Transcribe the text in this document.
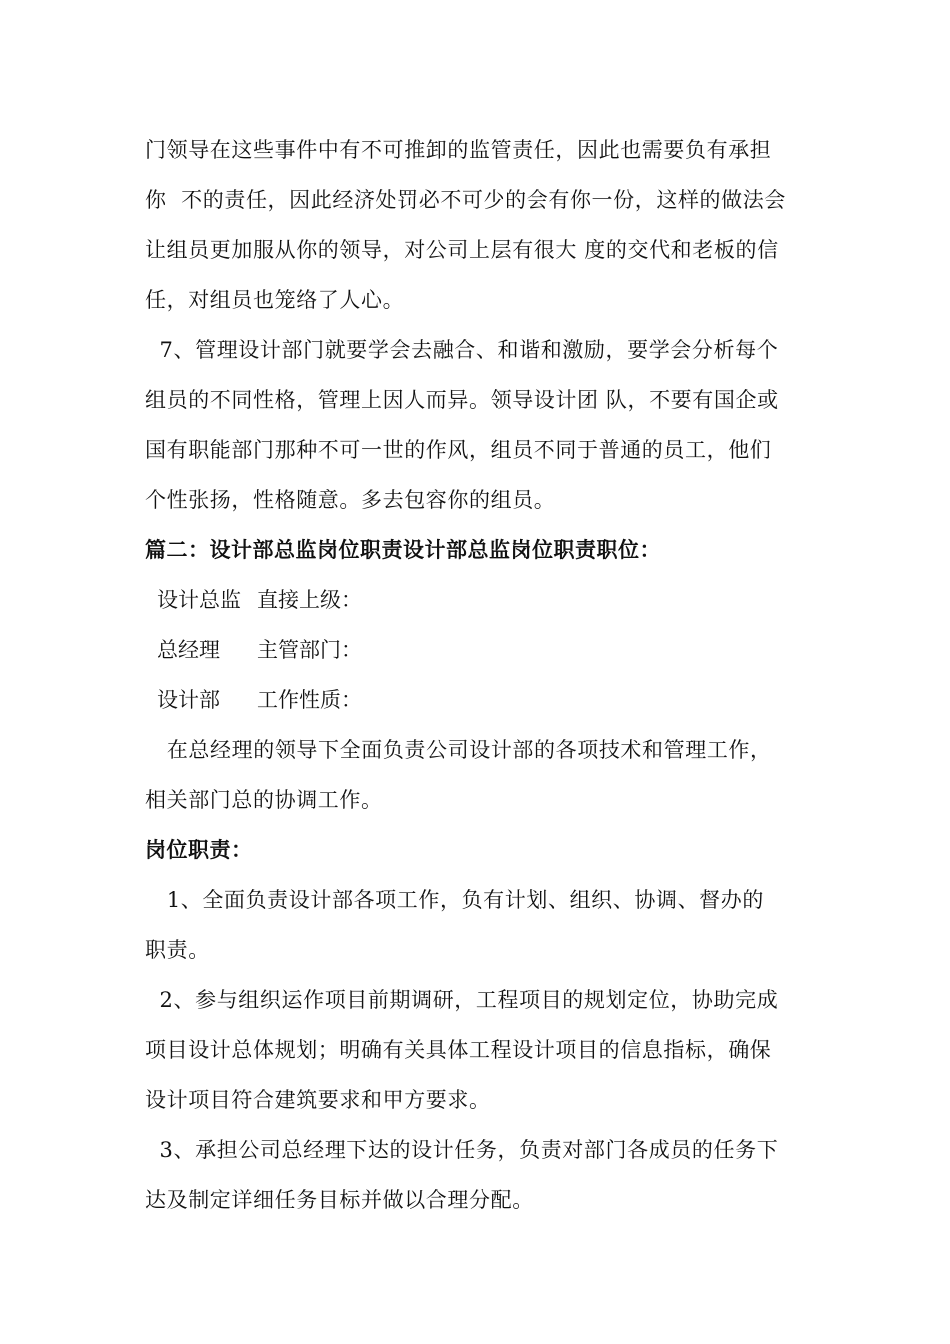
门领导在这些事件中有不可推卸的监管责任，因此也需要负有承担

你  不的责任，因此经济处罚必不可少的会有你一份，这样的做法会

让组员更加服从你的领导，对公司上层有很大 度的交代和老板的信

任，对组员也笼络了人心。

7、管理设计部门就要学会去融合、和谐和激励，要学会分析每个

组员的不同性格，管理上因人而异。领导设计团 队，不要有国企或

国有职能部门那种不可一世的作风，组员不同于普通的员工，他们

个性张扬，性格随意。多去包容你的组员。

篇二：设计部总监岗位职责设计部总监岗位职责职位：

设计总监 直接上级：

总经理 主管部门：

设计部 工作性质：

在总经理的领导下全面负责公司设计部的各项技术和管理工作，

相关部门总的协调工作。

岗位职责：

1、全面负责设计部各项工作，负有计划、组织、协调、督办的

职责。

2、参与组织运作项目前期调研，工程项目的规划定位，协助完成

项目设计总体规划；明确有关具体工程设计项目的信息指标，确保

设计项目符合建筑要求和甲方要求。

3、承担公司总经理下达的设计任务，负责对部门各成员的任务下

达及制定详细任务目标并做以合理分配。
